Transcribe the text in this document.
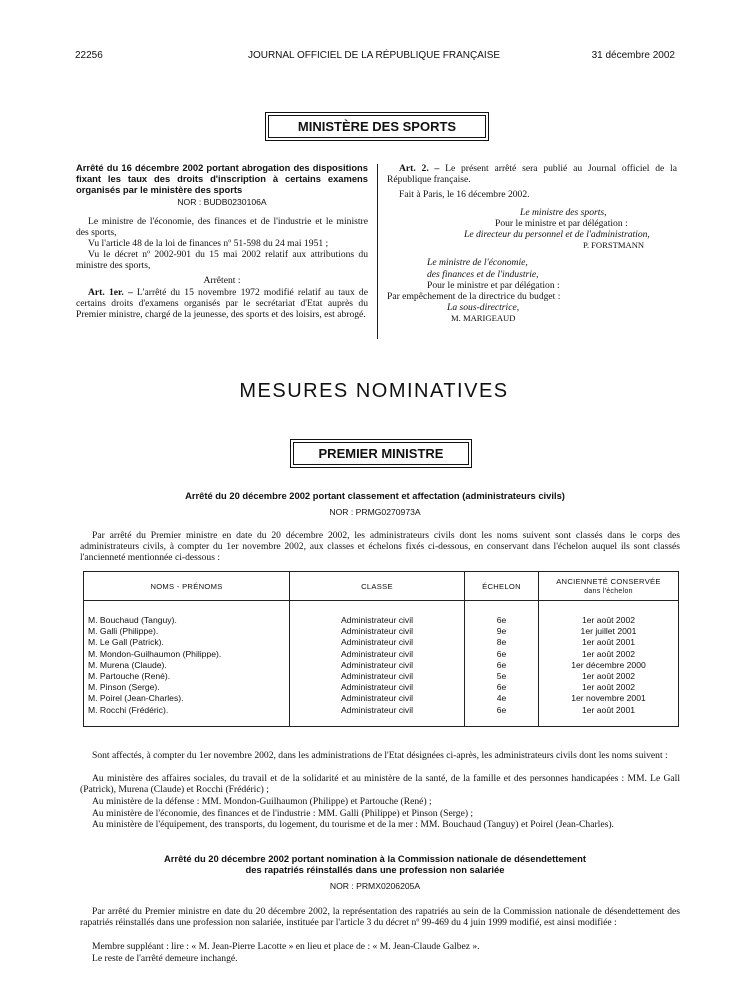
22256	JOURNAL OFFICIEL DE LA RÉPUBLIQUE FRANÇAISE	31 décembre 2002
MINISTÈRE DES SPORTS

Arrêté du 16 décembre 2002 portant abrogation des dispositions fixant les taux des droits d'inscription à certains examens organisés par le ministère des sports

NOR : BUDB0230106A

Le ministre de l'économie, des finances et de l'industrie et le ministre des sports,

Vu l'article 48 de la loi de finances nº 51-598 du 24 mai 1951 ;

Vu le décret nº 2002-901 du 15 mai 2002 relatif aux attributions du ministre des sports,

Arrêtent :

Art. 1er. – L'arrêté du 15 novembre 1972 modifié relatif au taux de certains droits d'examens organisés par le secrétariat d'Etat auprès du Premier ministre, chargé de la jeunesse, des sports et des loisirs, est abrogé.

Art. 2. – Le présent arrêté sera publié au Journal officiel de la République française.

Fait à Paris, le 16 décembre 2002.

Le ministre des sports,

Pour le ministre et par délégation :

Le directeur du personnel et de l'administration,

P. FORSTMANN

Le ministre de l'économie,

des finances et de l'industrie,

Pour le ministre et par délégation :

Par empêchement de la directrice du budget :

La sous-directrice,

M. MARIGEAUD

MESURES NOMINATIVES
PREMIER MINISTRE
Arrêté du 20 décembre 2002 portant classement et affectation (administrateurs civils)
NOR : PRMG0270973A

Par arrêté du Premier ministre en date du 20 décembre 2002, les administrateurs civils dont les noms suivent sont classés dans le corps des administrateurs civils, à compter du 1er novembre 2002, aux classes et échelons fixés ci-dessous, en conservant dans l'échelon auquel ils sont classés l'ancienneté mentionnée ci-dessous :

NOMS - PRÉNOMS	CLASSE	ÉCHELON	ANCIENNETÉ CONSERVÉE
dans l'échelon

M. Bouchaud (Tanguy).	Administrateur civil	6e	1er août 2002
M. Galli (Philippe).	Administrateur civil	9e	1er juillet 2001
M. Le Gall (Patrick).	Administrateur civil	8e	1er août 2001
M. Mondon-Guilhaumon (Philippe).	Administrateur civil	6e	1er août 2002
M. Murena (Claude).	Administrateur civil	6e	1er décembre 2000
M. Partouche (René).	Administrateur civil	5e	1er août 2002
M. Pinson (Serge).	Administrateur civil	6e	1er août 2002
M. Poirel (Jean-Charles).	Administrateur civil	4e	1er novembre 2001
M. Rocchi (Frédéric).	Administrateur civil	6e	1er août 2001

Sont affectés, à compter du 1er novembre 2002, dans les administrations de l'Etat désignées ci-après, les administrateurs civils dont les noms suivent :

Au ministère des affaires sociales, du travail et de la solidarité et au ministère de la santé, de la famille et des personnes handicapées : MM. Le Gall (Patrick), Murena (Claude) et Rocchi (Frédéric) ;

Au ministère de la défense : MM. Mondon-Guilhaumon (Philippe) et Partouche (René) ;

Au ministère de l'économie, des finances et de l'industrie : MM. Galli (Philippe) et Pinson (Serge) ;

Au ministère de l'équipement, des transports, du logement, du tourisme et de la mer : MM. Bouchaud (Tanguy) et Poirel (Jean-Charles).

Arrêté du 20 décembre 2002 portant nomination à la Commission nationale de désendettement
des rapatriés réinstallés dans une profession non salariée
NOR : PRMX0206205A

Par arrêté du Premier ministre en date du 20 décembre 2002, la représentation des rapatriés au sein de la Commission nationale de désendettement des rapatriés réinstallés dans une profession non salariée, instituée par l'article 3 du décret nº 99-469 du 4 juin 1999 modifié, est ainsi modifiée :

Membre suppléant : lire : « M. Jean-Pierre Lacotte » en lieu et place de : « M. Jean-Claude Galbez ».

Le reste de l'arrêté demeure inchangé.
